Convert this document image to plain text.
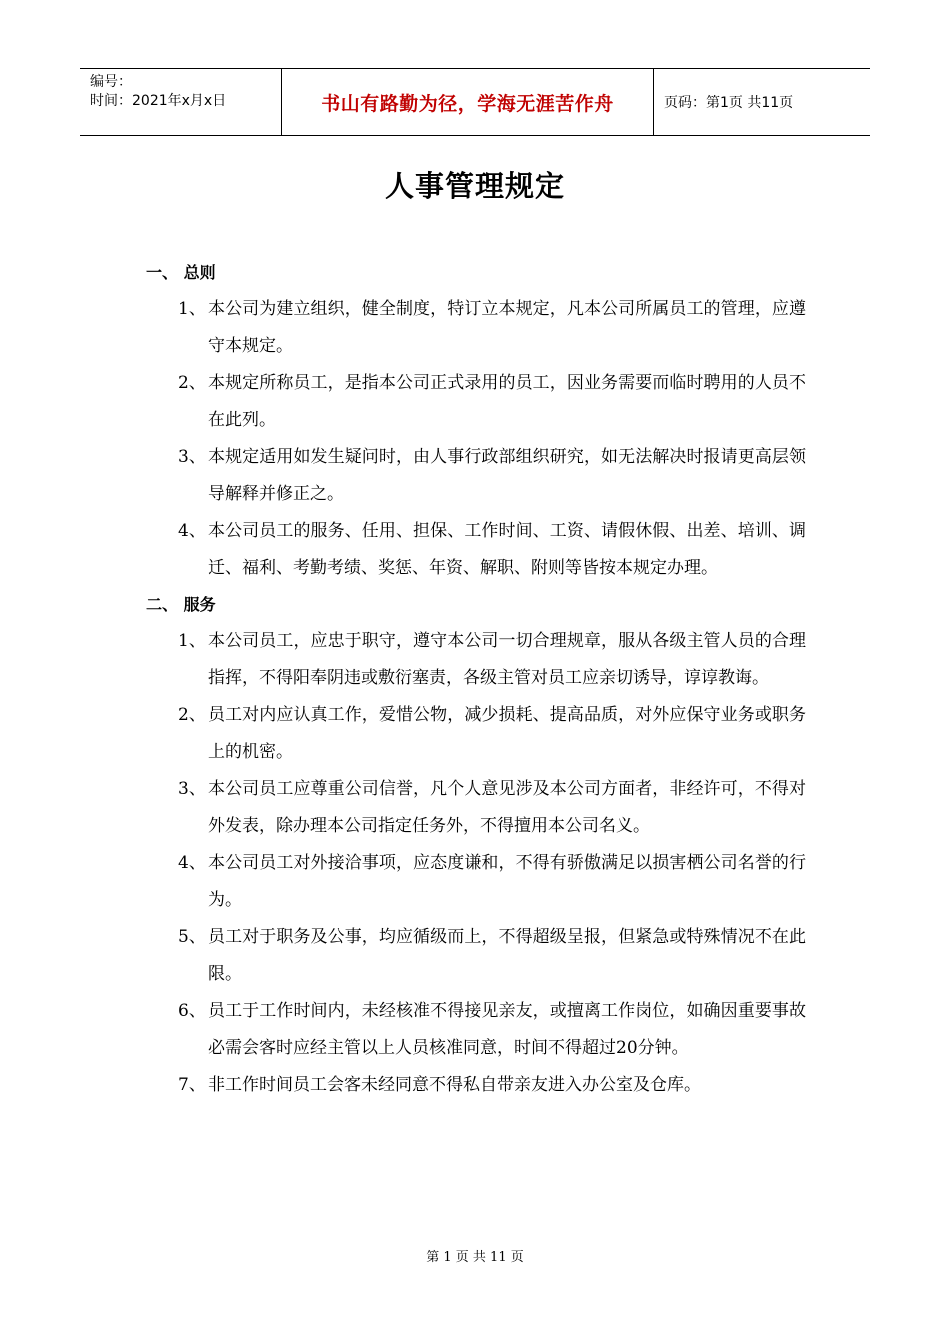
编号：
时间：2021年x月x日	书山有路勤为径，学海无涯苦作舟	页码：第1页 共11页
人事管理规定
一、 总则
1、 本公司为建立组织，健全制度，特订立本规定，凡本公司所属员工的管理，应遵守本规定。
2、 本规定所称员工，是指本公司正式录用的员工，因业务需要而临时聘用的人员不在此列。
3、 本规定适用如发生疑问时，由人事行政部组织研究，如无法解决时报请更高层领导解释并修正之。
4、 本公司员工的服务、任用、担保、工作时间、工资、请假休假、出差、培训、调迁、福利、考勤考绩、奖惩、年资、解职、附则等皆按本规定办理。
二、 服务
1、 本公司员工，应忠于职守，遵守本公司一切合理规章，服从各级主管人员的合理指挥，不得阳奉阴违或敷衍塞责，各级主管对员工应亲切诱导，谆谆教诲。
2、 员工对内应认真工作，爱惜公物，减少损耗、提高品质，对外应保守业务或职务上的机密。
3、 本公司员工应尊重公司信誉，凡个人意见涉及本公司方面者，非经许可，不得对外发表，除办理本公司指定任务外，不得擅用本公司名义。
4、 本公司员工对外接洽事项，应态度谦和，不得有骄傲满足以损害栖公司名誉的行为。
5、 员工对于职务及公事，均应循级而上，不得超级呈报，但紧急或特殊情况不在此限。
6、 员工于工作时间内，未经核准不得接见亲友，或擅离工作岗位，如确因重要事故必需会客时应经主管以上人员核准同意，时间不得超过20分钟。
7、 非工作时间员工会客未经同意不得私自带亲友进入办公室及仓库。
第 1 页 共 11 页
